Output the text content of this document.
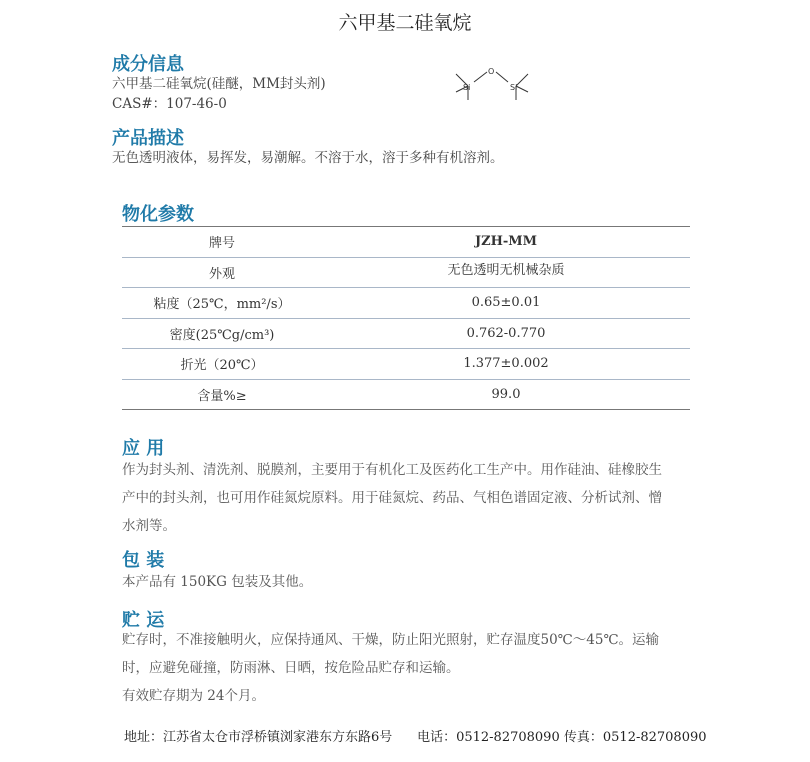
六甲基二硅氧烷
成分信息
六甲基二硅氧烷(硅醚，MM封头剂)
CAS#：107-46-0
Si
O
Si
产品描述
无色透明液体，易挥发，易潮解。不溶于水，溶于多种有机溶剂。
物化参数
牌号	JZH-MM
外观	无色透明无机械杂质
粘度（25℃，mm²/s）	0.65±0.01
密度(25℃g/cm³)	0.762-0.770
折光（20℃）	1.377±0.002
含量%≥	99.0
应 用
作为封头剂、清洗剂、脱膜剂，主要用于有机化工及医药化工生产中。用作硅油、硅橡胶生
产中的封头剂，也可用作硅氮烷原料。用于硅氮烷、药品、气相色谱固定液、分析试剂、憎
水剂等。
包 装
本产品有 150KG 包装及其他。
贮 运
贮存时，不准接触明火，应保持通风、干燥，防止阳光照射，贮存温度50℃～45℃。运输
时，应避免碰撞，防雨淋、日晒，按危险品贮存和运输。
有效贮存期为 24个月。
地址：江苏省太仓市浮桥镇浏家港东方东路6号 电话：0512-82708090 传真：0512-82708090
